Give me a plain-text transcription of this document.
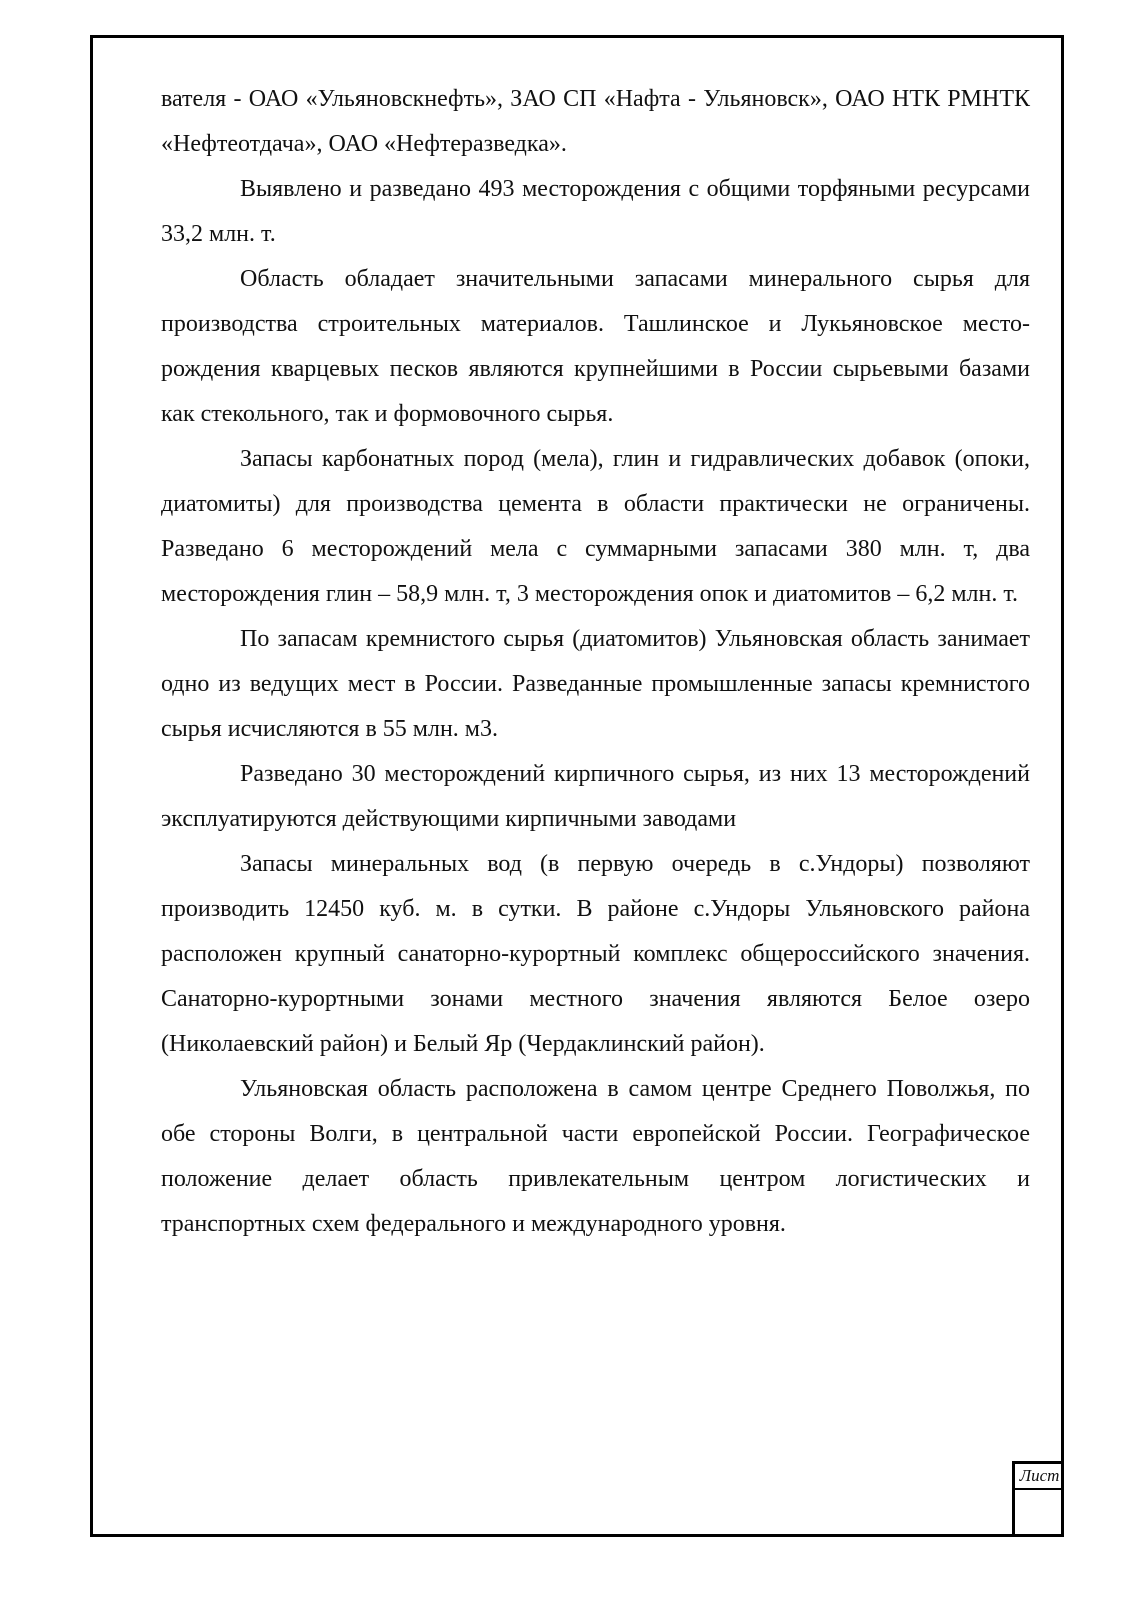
вателя - ОАО «Ульяновскнефть», ЗАО СП «Нафта - Ульяновск», ОАО НТК РМНТК «Нефтеотдача», ОАО «Нефтеразведка».

Выявлено и разведано 493 месторождения с общими торфяными ресурсами 33,2 млн. т.

Область обладает значительными запасами минерального сырья для производства строительных материалов. Ташлинское и Лукьяновское месторождения кварцевых песков являются крупнейшими в России сырьевыми базами как стекольного, так и формовочного сырья.

Запасы карбонатных пород (мела), глин и гидравлических добавок (опоки, диатомиты) для производства цемента в области практически не ограничены. Разведано 6 месторождений мела с суммарными запасами 380 млн. т, два месторождения глин – 58,9 млн. т, 3 месторождения опок и диатомитов – 6,2 млн. т.

По запасам кремнистого сырья (диатомитов) Ульяновская область занимает одно из ведущих мест в России. Разведанные промышленные запасы кремнистого сырья исчисляются в 55 млн. м3.

Разведано 30 месторождений кирпичного сырья, из них 13 месторождений эксплуатируются действующими кирпичными заводами

Запасы минеральных вод (в первую очередь в с.Ундоры) позволяют производить 12450 куб. м. в сутки. В районе с.Ундоры Ульяновского района расположен крупный санаторно-курортный комплекс общероссийского значения. Санаторно-курортными зонами местного значения являются Белое озеро (Николаевский район) и Белый Яр (Чердаклинский район).

Ульяновская область расположена в самом центре Среднего Поволжья, по обе стороны Волги, в центральной части европейской России. Географическое положение делает область привлекательным центром логистических и транспортных схем федерального и международного уровня.

Лист
